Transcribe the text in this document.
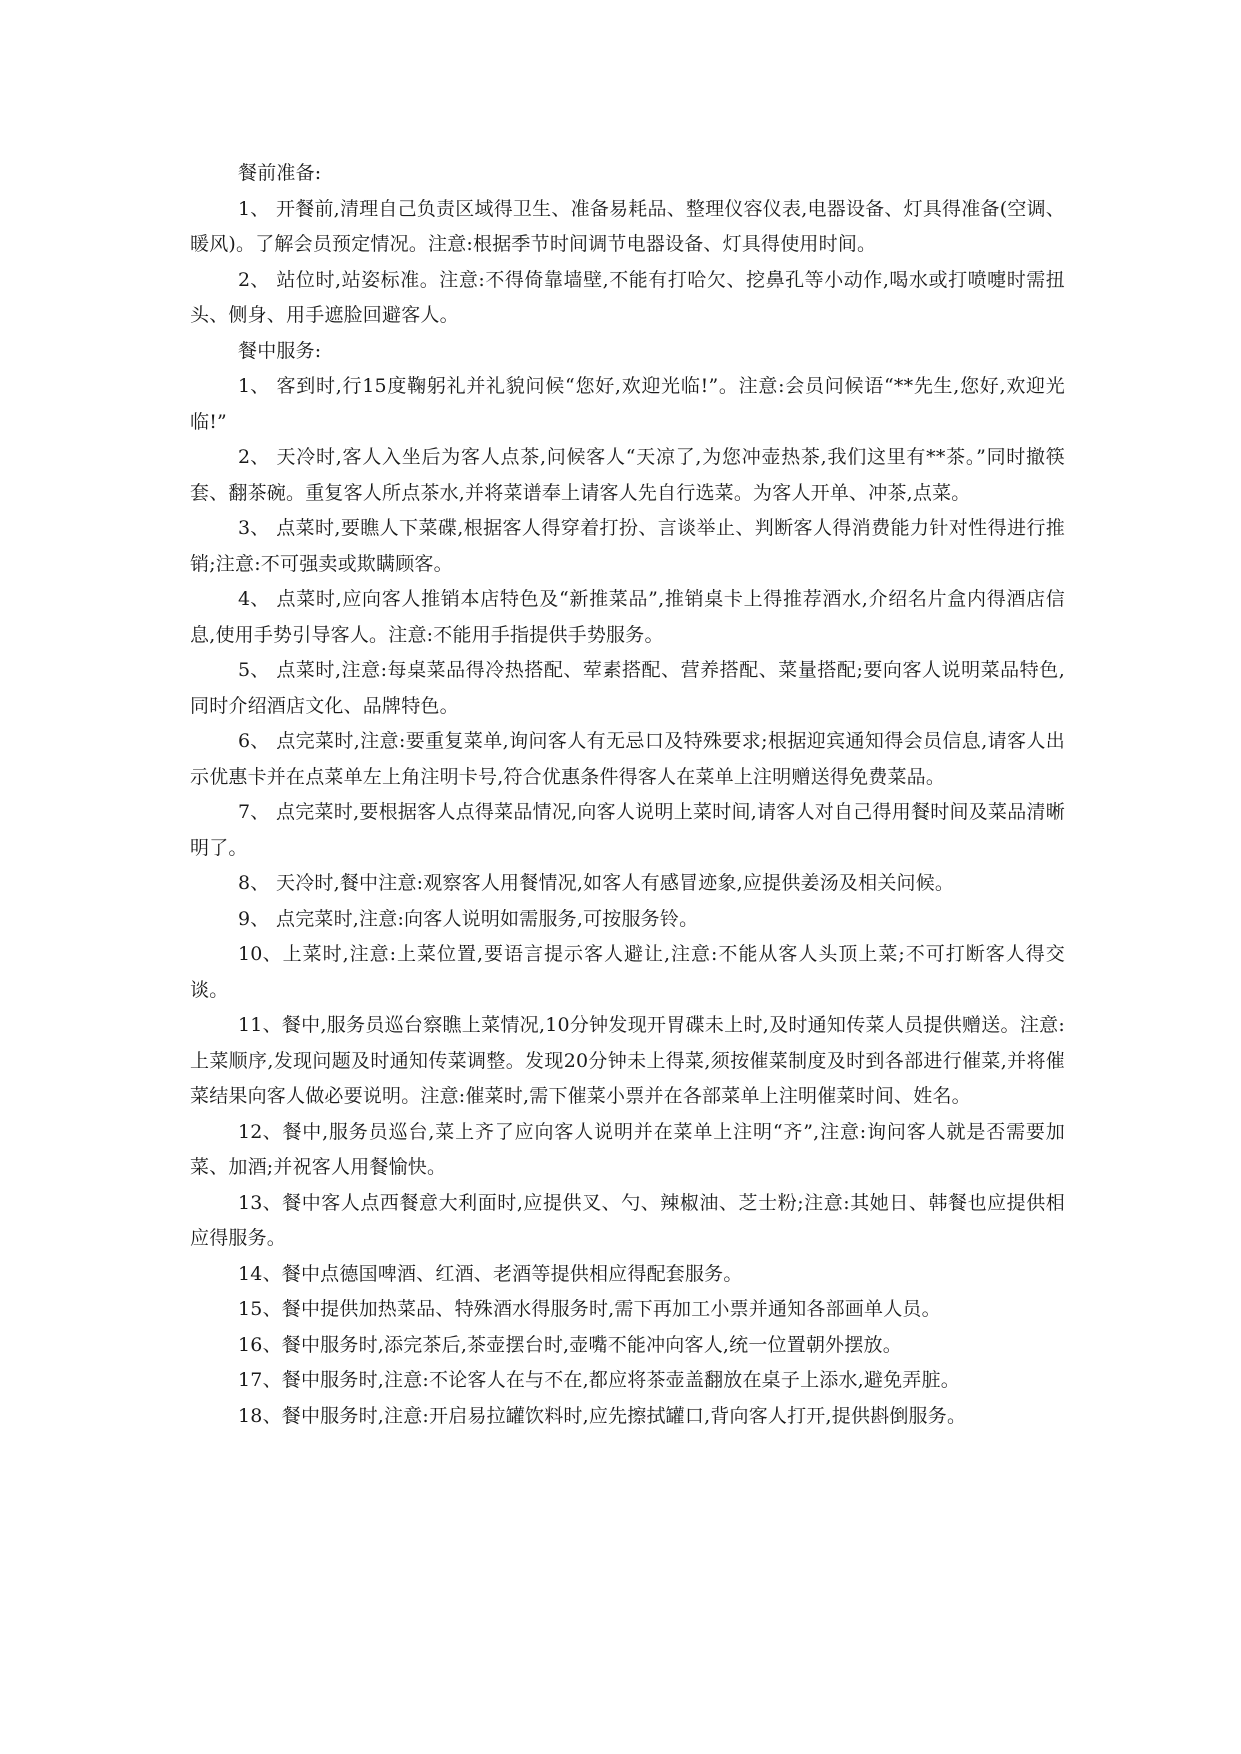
餐前准备:

1、 开餐前,清理自己负责区域得卫生、准备易耗品、整理仪容仪表,电器设备、灯具得准备(空调、暖风)。了解会员预定情况。注意:根据季节时间调节电器设备、灯具得使用时间。

2、 站位时,站姿标准。注意:不得倚靠墙壁,不能有打哈欠、挖鼻孔等小动作,喝水或打喷嚏时需扭头、侧身、用手遮脸回避客人。

餐中服务:

1、 客到时,行15度鞠躬礼并礼貌问候“您好,欢迎光临!”。注意:会员问候语“**先生,您好,欢迎光临!”

2、 天冷时,客人入坐后为客人点茶,问候客人“天凉了,为您冲壶热茶,我们这里有**茶。”同时撤筷套、翻茶碗。重复客人所点茶水,并将菜谱奉上请客人先自行选菜。为客人开单、冲茶,点菜。

3、 点菜时,要瞧人下菜碟,根据客人得穿着打扮、言谈举止、判断客人得消费能力针对性得进行推销;注意:不可强卖或欺瞒顾客。

4、 点菜时,应向客人推销本店特色及“新推菜品”,推销桌卡上得推荐酒水,介绍名片盒内得酒店信息,使用手势引导客人。注意:不能用手指提供手势服务。

5、 点菜时,注意:每桌菜品得冷热搭配、荤素搭配、营养搭配、菜量搭配;要向客人说明菜品特色,同时介绍酒店文化、品牌特色。

6、 点完菜时,注意:要重复菜单,询问客人有无忌口及特殊要求;根据迎宾通知得会员信息,请客人出示优惠卡并在点菜单左上角注明卡号,符合优惠条件得客人在菜单上注明赠送得免费菜品。

7、 点完菜时,要根据客人点得菜品情况,向客人说明上菜时间,请客人对自己得用餐时间及菜品清晰明了。

8、 天冷时,餐中注意:观察客人用餐情况,如客人有感冒迹象,应提供姜汤及相关问候。

9、 点完菜时,注意:向客人说明如需服务,可按服务铃。

10、上菜时,注意:上菜位置,要语言提示客人避让,注意:不能从客人头顶上菜;不可打断客人得交谈。

11、餐中,服务员巡台察瞧上菜情况,10分钟发现开胃碟未上时,及时通知传菜人员提供赠送。注意:上菜顺序,发现问题及时通知传菜调整。发现20分钟未上得菜,须按催菜制度及时到各部进行催菜,并将催菜结果向客人做必要说明。注意:催菜时,需下催菜小票并在各部菜单上注明催菜时间、姓名。

12、餐中,服务员巡台,菜上齐了应向客人说明并在菜单上注明“齐”,注意:询问客人就是否需要加菜、加酒;并祝客人用餐愉快。

13、餐中客人点西餐意大利面时,应提供叉、勺、辣椒油、芝士粉;注意:其她日、韩餐也应提供相应得服务。

14、餐中点德国啤酒、红酒、老酒等提供相应得配套服务。

15、餐中提供加热菜品、特殊酒水得服务时,需下再加工小票并通知各部画单人员。

16、餐中服务时,添完茶后,茶壶摆台时,壶嘴不能冲向客人,统一位置朝外摆放。

17、餐中服务时,注意:不论客人在与不在,都应将茶壶盖翻放在桌子上添水,避免弄脏。

18、餐中服务时,注意:开启易拉罐饮料时,应先擦拭罐口,背向客人打开,提供斟倒服务。
